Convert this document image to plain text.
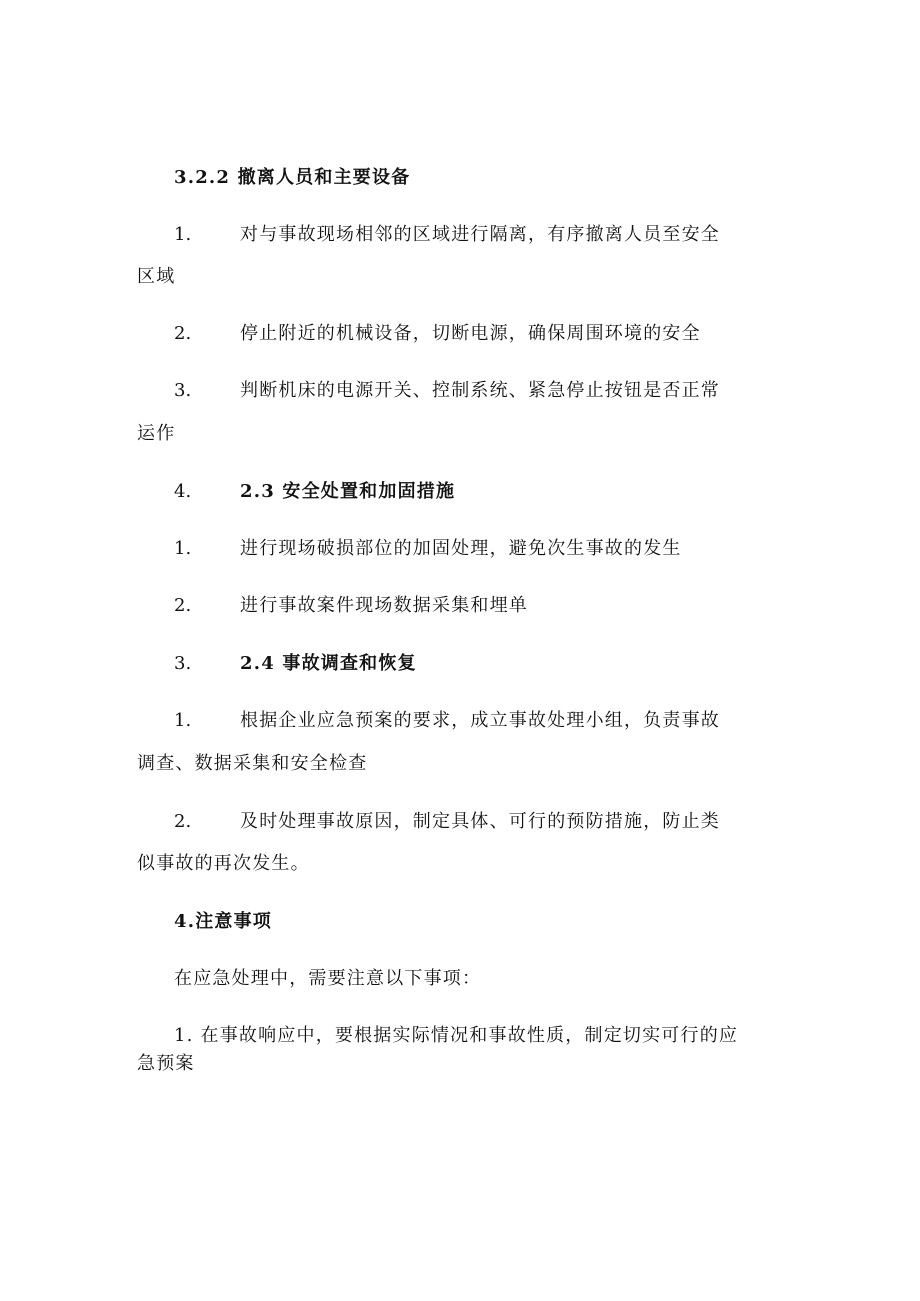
3.2.2 撤离人员和主要设备
1.	对与事故现场相邻的区域进行隔离，有序撤离人员至安全
区域
2.	停止附近的机械设备，切断电源，确保周围环境的安全
3.	判断机床的电源开关、控制系统、紧急停止按钮是否正常
运作
4.	2.3 安全处置和加固措施
1.	进行现场破损部位的加固处理，避免次生事故的发生
2.	进行事故案件现场数据采集和埋单
3.	2.4 事故调查和恢复
1.	根据企业应急预案的要求，成立事故处理小组，负责事故
调查、数据采集和安全检查
2.	及时处理事故原因，制定具体、可行的预防措施，防止类
似事故的再次发生。
4.注意事项
在应急处理中，需要注意以下事项：
1. 在事故响应中，要根据实际情况和事故性质，制定切实可行的应
急预案
